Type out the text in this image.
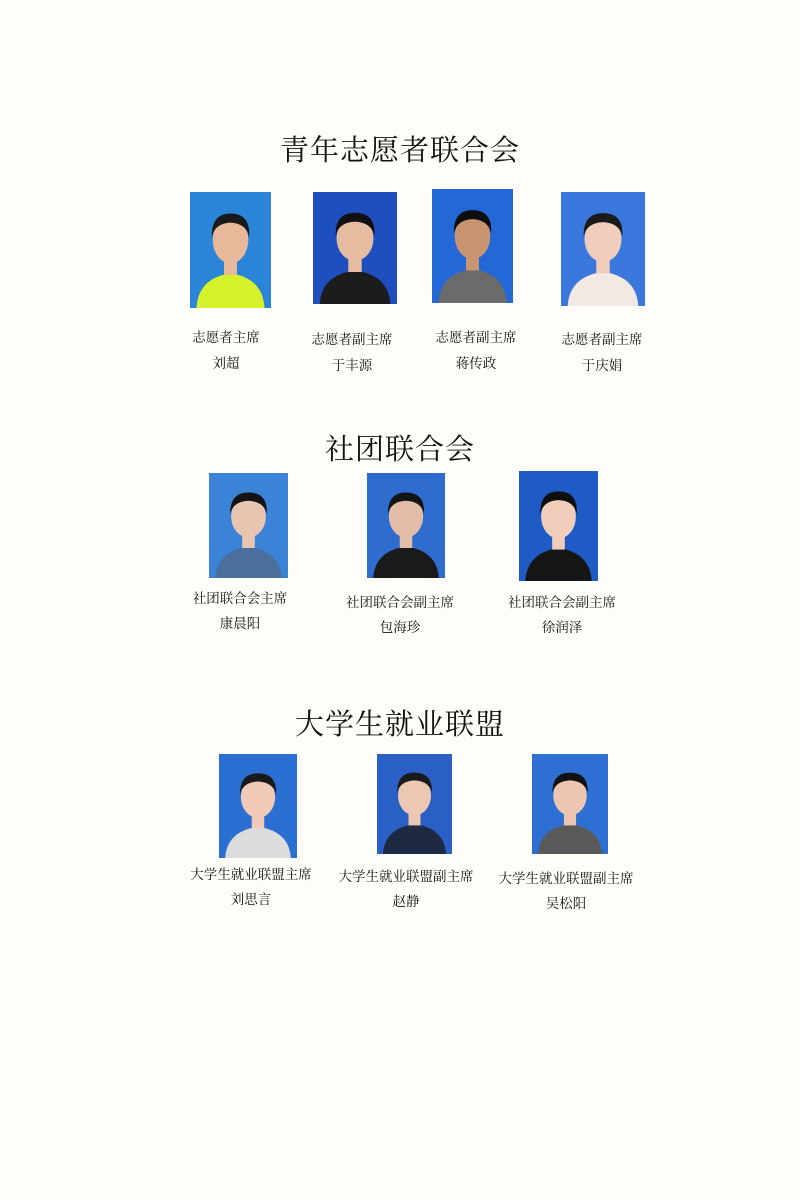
青年志愿者联合会
志愿者主席
刘超
志愿者副主席
于丰源
志愿者副主席
蒋传政
志愿者副主席
于庆娟
社团联合会
社团联合会主席
康晨阳
社团联合会副主席
包海珍
社团联合会副主席
徐润泽
大学生就业联盟
大学生就业联盟主席
刘思言
大学生就业联盟副主席
赵静
大学生就业联盟副主席
吴松阳
